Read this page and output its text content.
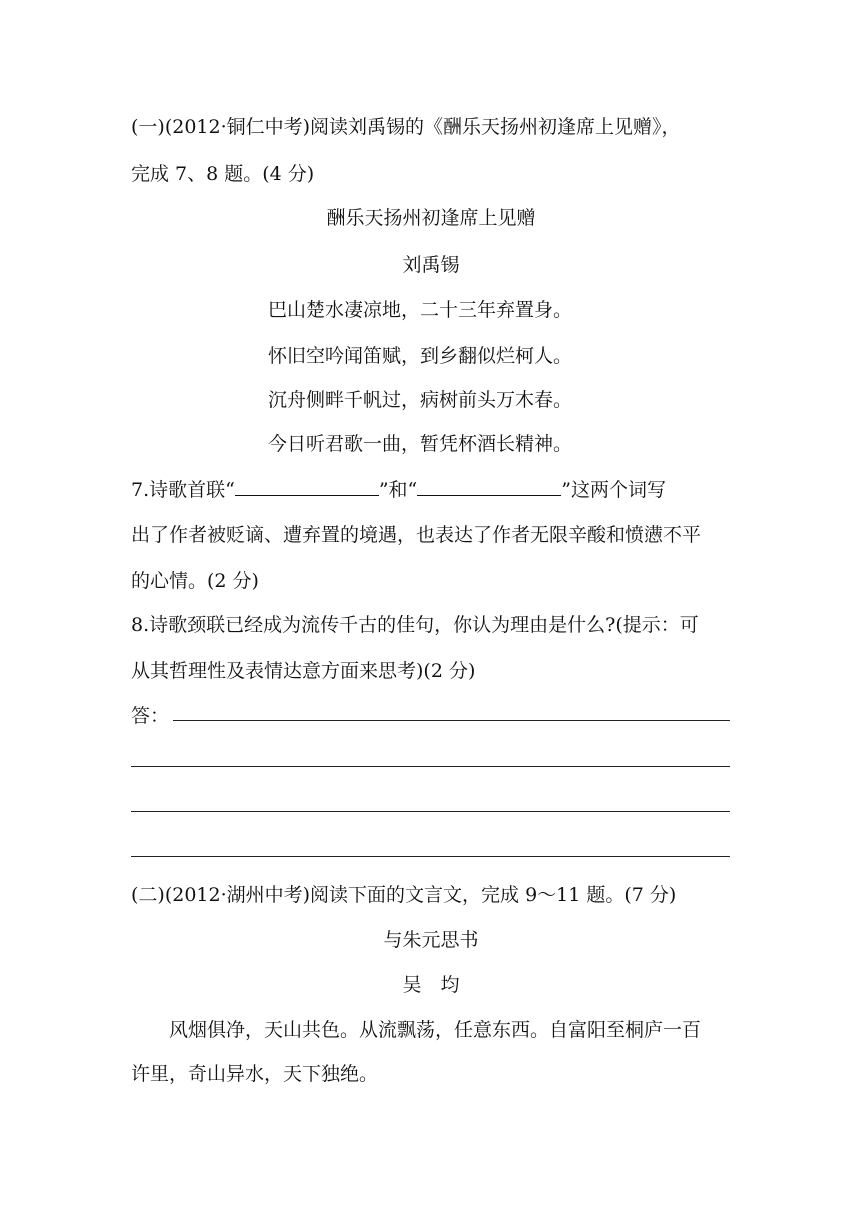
(一)(2012·铜仁中考)阅读刘禹锡的《酬乐天扬州初逢席上见赠》，
完成 7、8 题。(4 分)
酬乐天扬州初逢席上见赠
刘禹锡
巴山楚水凄凉地，二十三年弃置身。
怀旧空吟闻笛赋，到乡翻似烂柯人。
沉舟侧畔千帆过，病树前头万木春。
今日听君歌一曲，暂凭杯酒长精神。
7.诗歌首联“	”和“	”这两个词写
出了作者被贬谪、遭弃置的境遇，也表达了作者无限辛酸和愤懑不平
的心情。(2 分)
8.诗歌颈联已经成为流传千古的佳句，你认为理由是什么?(提示：可
从其哲理性及表情达意方面来思考)(2 分)
答：
(二)(2012·湖州中考)阅读下面的文言文，完成 9～11 题。(7 分)
与朱元思书
吴　均
风烟俱净，天山共色。从流飘荡，任意东西。自富阳至桐庐一百
许里，奇山异水，天下独绝。
